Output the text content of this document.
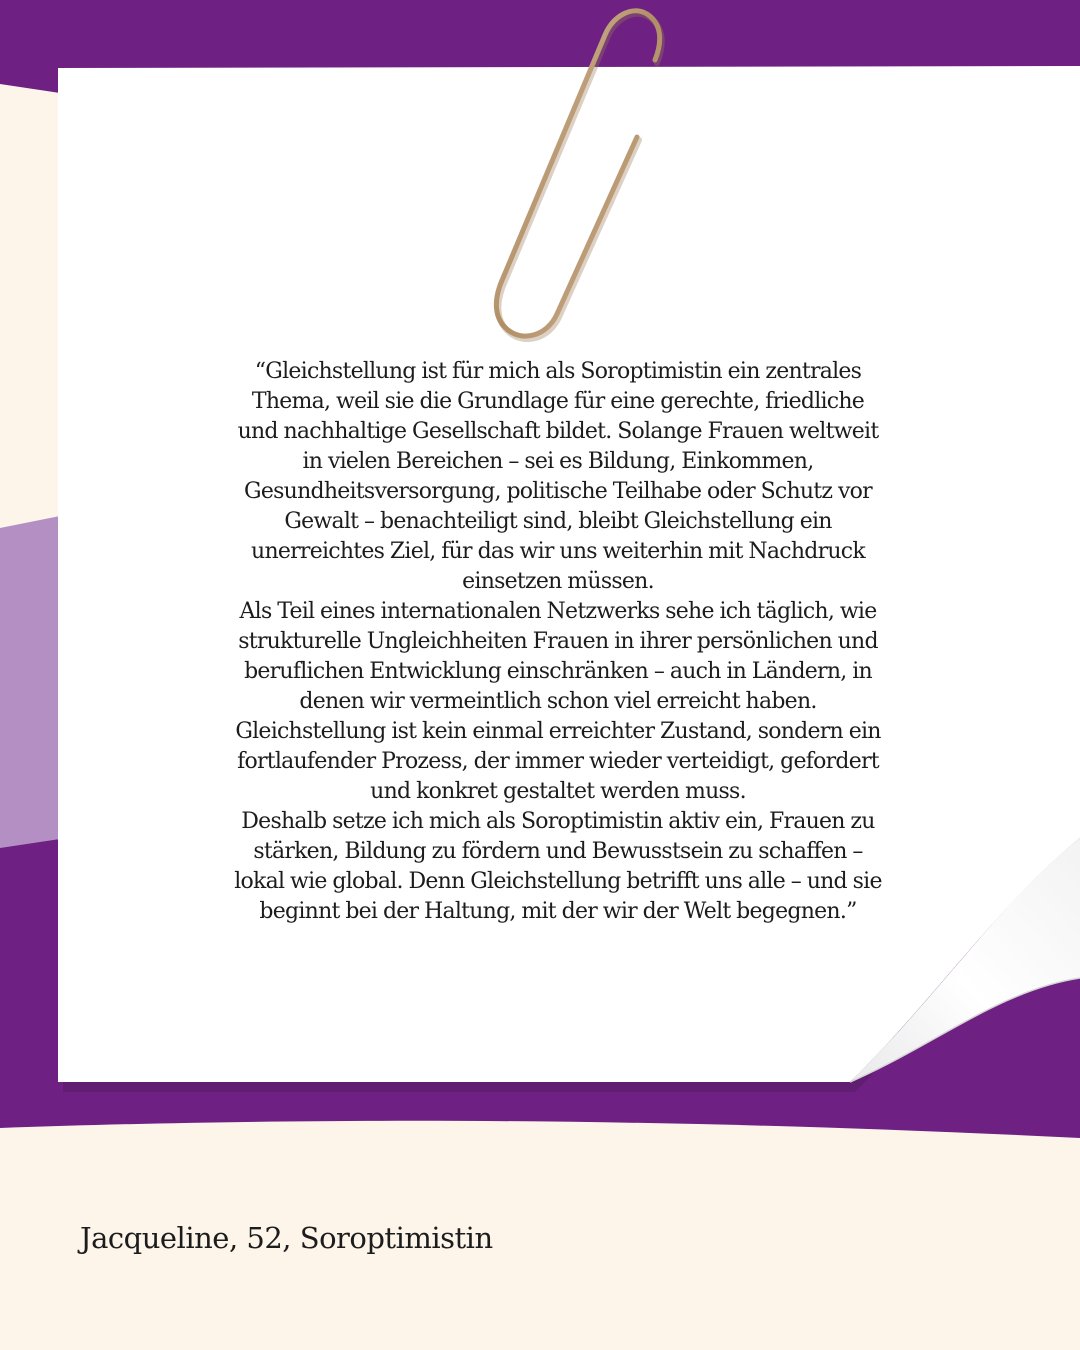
“Gleichstellung ist für mich als Soroptimistin ein zentrales Thema, weil sie die Grundlage für eine gerechte, friedliche und nachhaltige Gesellschaft bildet. Solange Frauen weltweit in vielen Bereichen – sei es Bildung, Einkommen, Gesundheitsversorgung, politische Teilhabe oder Schutz vor Gewalt – benachteiligt sind, bleibt Gleichstellung ein unerreichtes Ziel, für das wir uns weiterhin mit Nachdruck einsetzen müssen.
Als Teil eines internationalen Netzwerks sehe ich täglich, wie strukturelle Ungleichheiten Frauen in ihrer persönlichen und beruflichen Entwicklung einschränken – auch in Ländern, in denen wir vermeintlich schon viel erreicht haben. Gleichstellung ist kein einmal erreichter Zustand, sondern ein fortlaufender Prozess, der immer wieder verteidigt, gefordert und konkret gestaltet werden muss.
Deshalb setze ich mich als Soroptimistin aktiv ein, Frauen zu stärken, Bildung zu fördern und Bewusstsein zu schaffen – lokal wie global. Denn Gleichstellung betrifft uns alle – und sie beginnt bei der Haltung, mit der wir der Welt begegnen.”
Jacqueline, 52, Soroptimistin
